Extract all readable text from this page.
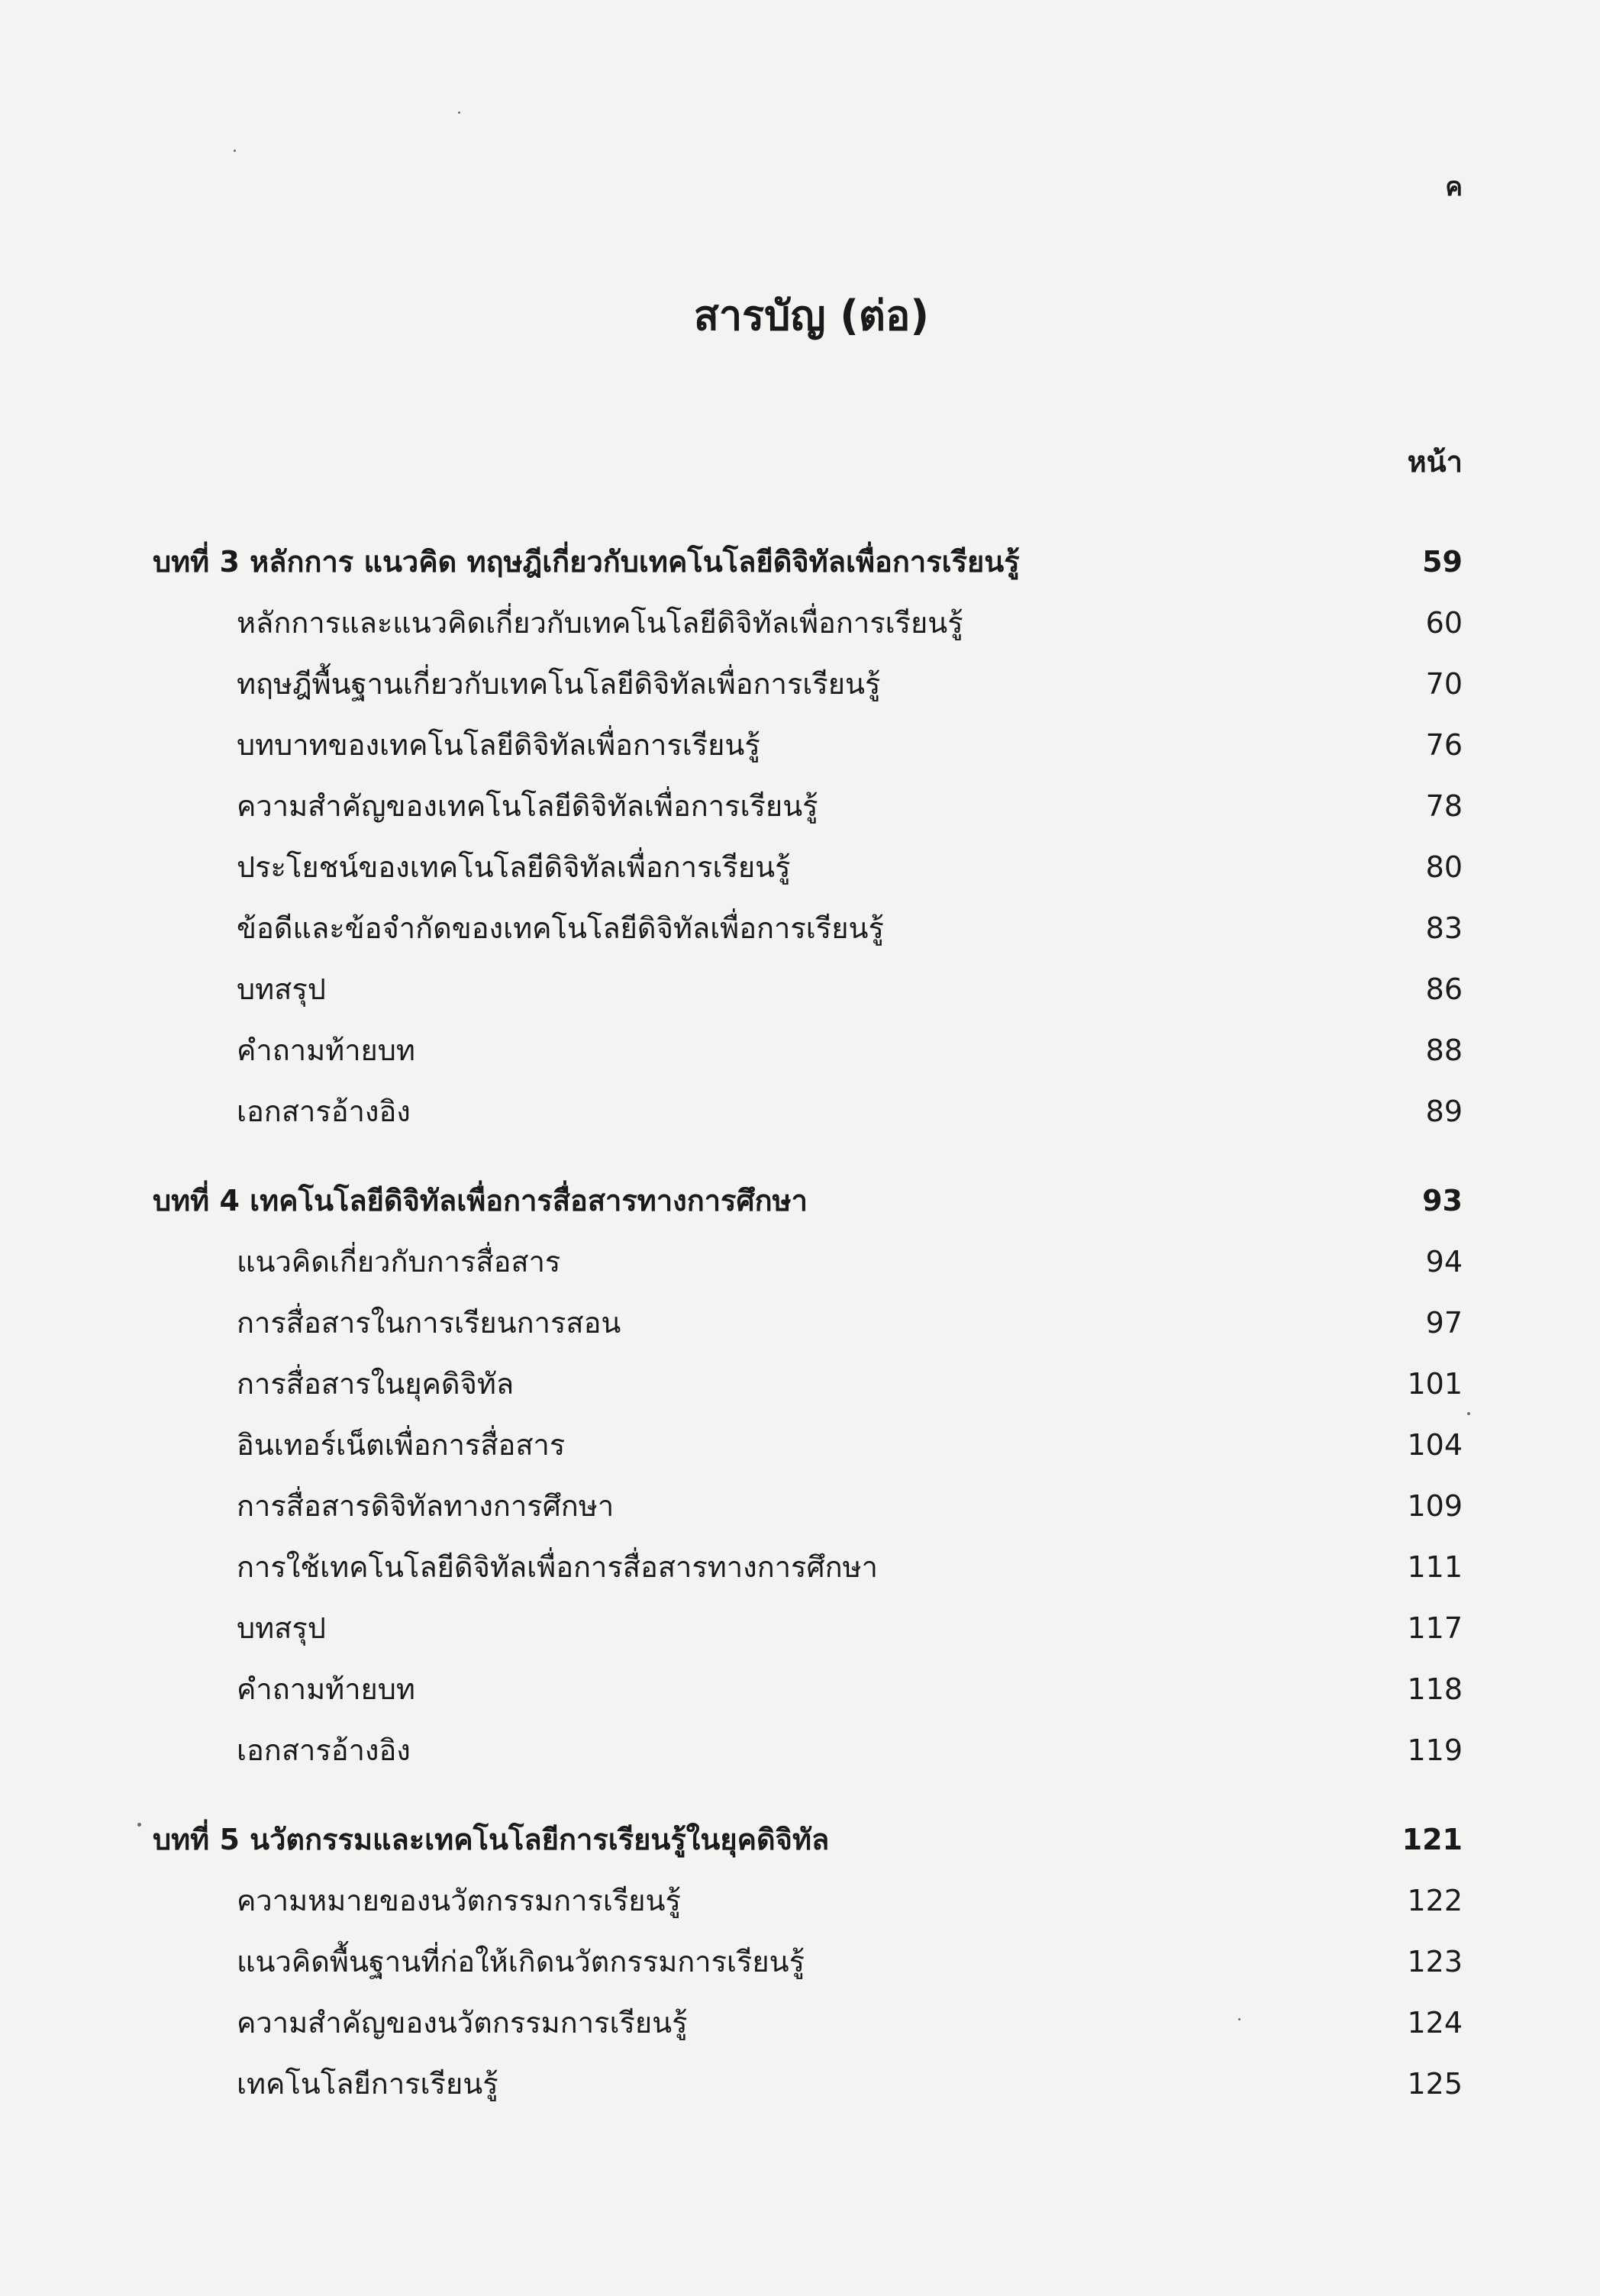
ค
สารบัญ (ต่อ)
หน้า
บทที่ 3 หลักการ แนวคิด ทฤษฎีเกี่ยวกับเทคโนโลยีดิจิทัลเพื่อการเรียนรู้	59
หลักการและแนวคิดเกี่ยวกับเทคโนโลยีดิจิทัลเพื่อการเรียนรู้	60
ทฤษฎีพื้นฐานเกี่ยวกับเทคโนโลยีดิจิทัลเพื่อการเรียนรู้	70
บทบาทของเทคโนโลยีดิจิทัลเพื่อการเรียนรู้	76
ความสำคัญของเทคโนโลยีดิจิทัลเพื่อการเรียนรู้	78
ประโยชน์ของเทคโนโลยีดิจิทัลเพื่อการเรียนรู้	80
ข้อดีและข้อจำกัดของเทคโนโลยีดิจิทัลเพื่อการเรียนรู้	83
บทสรุป	86
คำถามท้ายบท	88
เอกสารอ้างอิง	89
บทที่ 4 เทคโนโลยีดิจิทัลเพื่อการสื่อสารทางการศึกษา	93
แนวคิดเกี่ยวกับการสื่อสาร	94
การสื่อสารในการเรียนการสอน	97
การสื่อสารในยุคดิจิทัล	101
อินเทอร์เน็ตเพื่อการสื่อสาร	104
การสื่อสารดิจิทัลทางการศึกษา	109
การใช้เทคโนโลยีดิจิทัลเพื่อการสื่อสารทางการศึกษา	111
บทสรุป	117
คำถามท้ายบท	118
เอกสารอ้างอิง	119
บทที่ 5 นวัตกรรมและเทคโนโลยีการเรียนรู้ในยุคดิจิทัล	121
ความหมายของนวัตกรรมการเรียนรู้	122
แนวคิดพื้นฐานที่ก่อให้เกิดนวัตกรรมการเรียนรู้	123
ความสำคัญของนวัตกรรมการเรียนรู้	124
เทคโนโลยีการเรียนรู้	125
